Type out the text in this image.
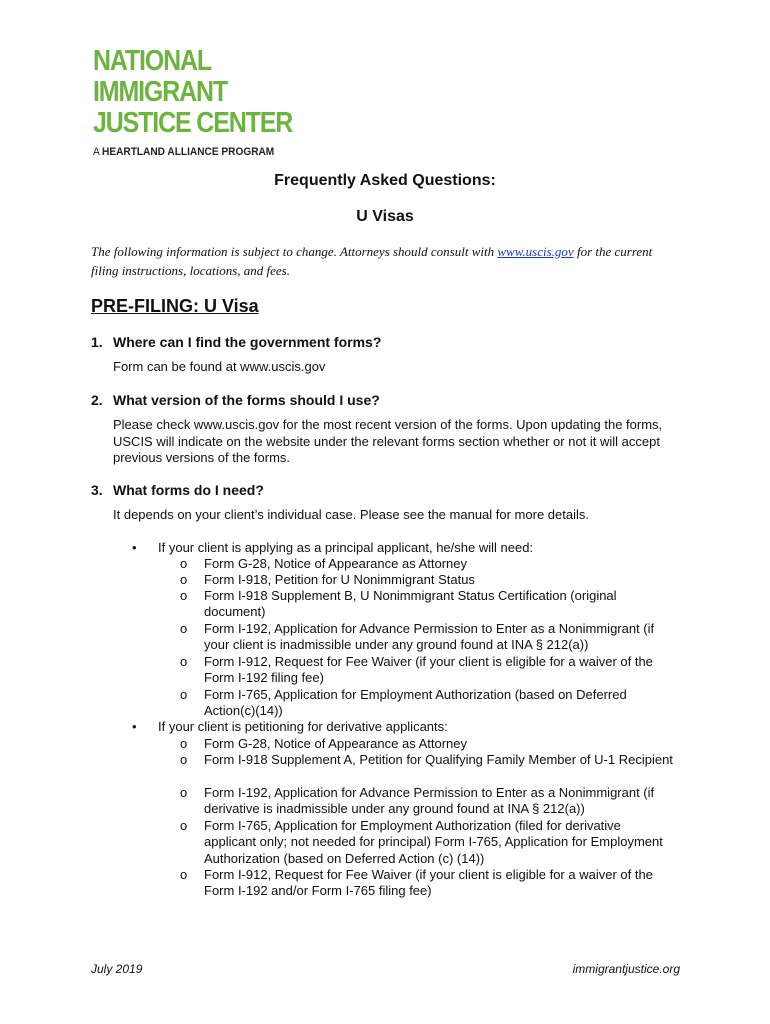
NATIONAL
IMMIGRANT
JUSTICE CENTER
A HEARTLAND ALLIANCE PROGRAM
Frequently Asked Questions:
U Visas
The following information is subject to change. Attorneys should consult with www.uscis.gov for the current filing instructions, locations, and fees.
PRE-FILING: U Visa
1. Where can I find the government forms?
Form can be found at www.uscis.gov
2. What version of the forms should I use?
Please check www.uscis.gov for the most recent version of the forms. Upon updating the forms, USCIS will indicate on the website under the relevant forms section whether or not it will accept previous versions of the forms.
3. What forms do I need?
It depends on your client’s individual case. Please see the manual for more details.
• If your client is applying as a principal applicant, he/she will need:
o Form G-28, Notice of Appearance as Attorney
o Form I-918, Petition for U Nonimmigrant Status
o Form I-918 Supplement B, U Nonimmigrant Status Certification (original document)
o Form I-192, Application for Advance Permission to Enter as a Nonimmigrant (if your client is inadmissible under any ground found at INA § 212(a))
o Form I-912, Request for Fee Waiver (if your client is eligible for a waiver of the Form I-192 filing fee)
o Form I-765, Application for Employment Authorization (based on Deferred Action(c)(14))
• If your client is petitioning for derivative applicants:
o Form G-28, Notice of Appearance as Attorney
o Form I-918 Supplement A, Petition for Qualifying Family Member of U-1 Recipient
o Form I-192, Application for Advance Permission to Enter as a Nonimmigrant (if derivative is inadmissible under any ground found at INA § 212(a))
o Form I-765, Application for Employment Authorization (filed for derivative applicant only; not needed for principal) Form I-765, Application for Employment Authorization (based on Deferred Action (c) (14))
o Form I-912, Request for Fee Waiver (if your client is eligible for a waiver of the Form I-192 and/or Form I-765 filing fee)
July 2019	immigrantjustice.org
